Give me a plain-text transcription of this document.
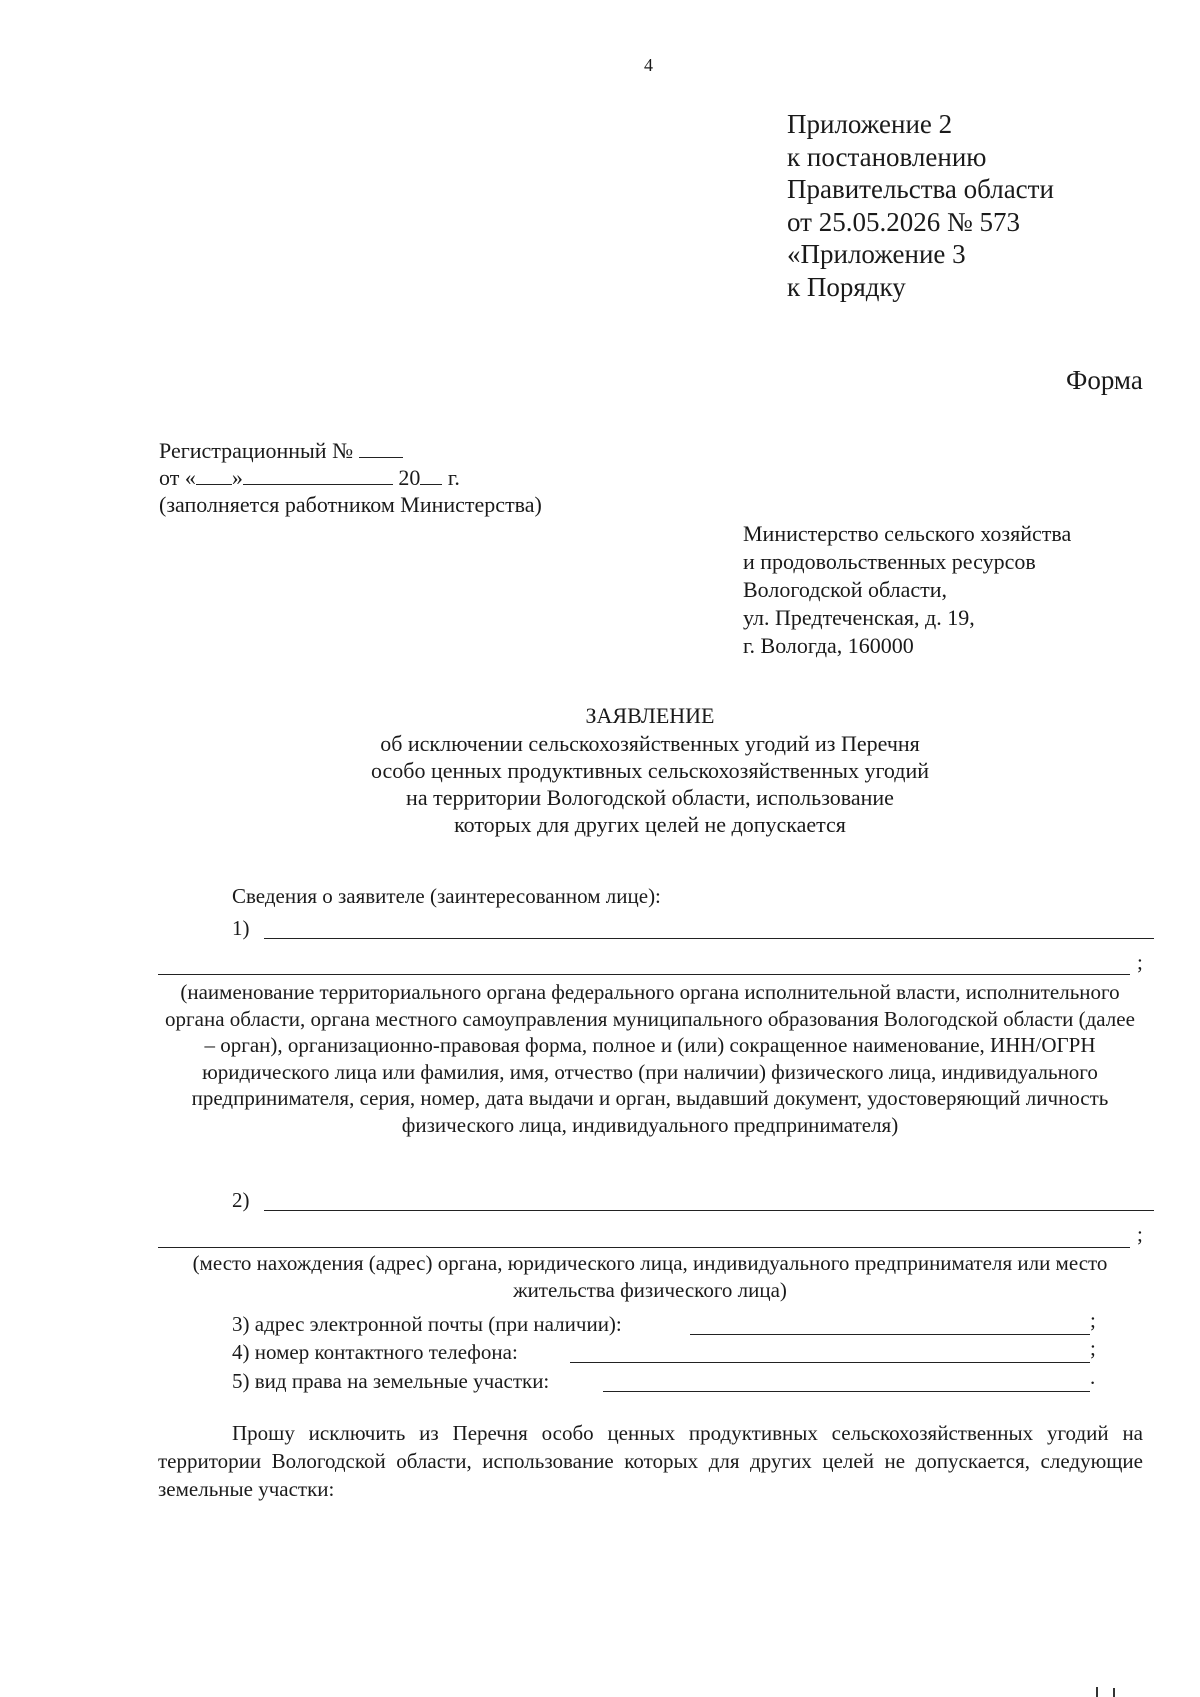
4
Приложение 2
к постановлению
Правительства области
от 25.05.2026 № 573
«Приложение 3
к Порядку
Форма
Регистрационный №
от « »	20 г.
(заполняется работником Министерства)
Министерство сельского хозяйства
и продовольственных ресурсов
Вологодской области,
ул. Предтеченская, д. 19,
г. Вологда, 160000
ЗАЯВЛЕНИЕ
об исключении сельскохозяйственных угодий из Перечня
особо ценных продуктивных сельскохозяйственных угодий
на территории Вологодской области, использование
которых для других целей не допускается
Сведения о заявителе (заинтересованном лице):
1)
;
(наименование территориального органа федерального органа исполнительной власти, исполнительного органа области, органа местного самоуправления муниципального образования Вологодской области (далее – орган), организационно-правовая форма, полное и (или) сокращенное наименование, ИНН/ОГРН юридического лица или фамилия, имя, отчество (при наличии) физического лица, индивидуального предпринимателя, серия, номер, дата выдачи и орган, выдавший документ, удостоверяющий личность физического лица, индивидуального предпринимателя)
2)
;
(место нахождения (адрес) органа, юридического лица, индивидуального предпринимателя или место жительства физического лица)
3) адрес электронной почты (при наличии):	;
4) номер контактного телефона:	;
5) вид права на земельные участки:	.
Прошу исключить из Перечня особо ценных продуктивных сельскохозяйственных угодий на территории Вологодской области, использование которых для других целей не допускается, следующие земельные участки:
